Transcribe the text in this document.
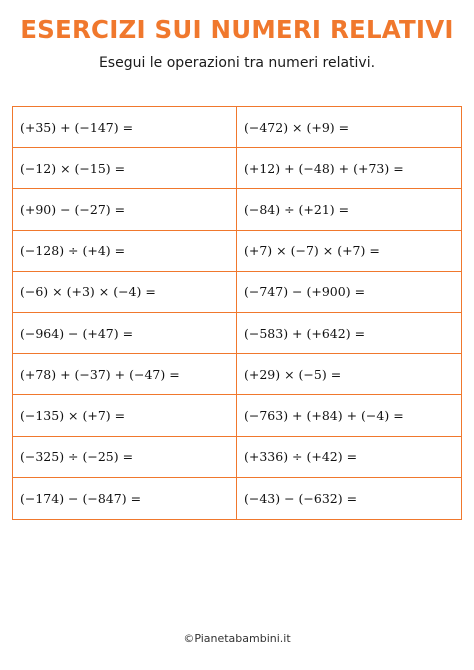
ESERCIZI SUI NUMERI RELATIVI
Esegui le operazioni tra numeri relativi.
(+35) + (−147) =	(−472) × (+9) =
(−12) × (−15) =	(+12) + (−48) + (+73) =
(+90) − (−27) =	(−84) ÷ (+21) =
(−128) ÷ (+4) =	(+7) × (−7) × (+7) =
(−6) × (+3) × (−4) =	(−747) − (+900) =
(−964) − (+47) =	(−583) + (+642) =
(+78) + (−37) + (−47) =	(+29) × (−5) =
(−135) × (+7) =	(−763) + (+84) + (−4) =
(−325) ÷ (−25) =	(+336) ÷ (+42) =
(−174) − (−847) =	(−43) − (−632) =
©Pianetabambini.it
